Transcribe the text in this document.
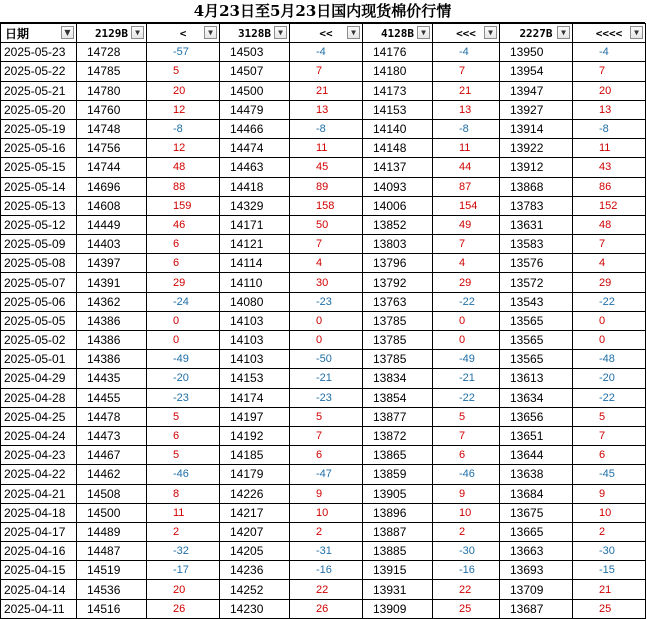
4月23日至5月23日国内现货棉价行情
日期 ▼	2129B ▼	< ▼	3128B ▼	<< ▼	4128B ▼	<<< ▼	2227B ▼	<<<< ▼

2025-05-23	14728	-57	14503	-4	14176	-4	13950	-4
2025-05-22	14785	5	14507	7	14180	7	13954	7
2025-05-21	14780	20	14500	21	14173	21	13947	20
2025-05-20	14760	12	14479	13	14153	13	13927	13
2025-05-19	14748	-8	14466	-8	14140	-8	13914	-8
2025-05-16	14756	12	14474	11	14148	11	13922	11
2025-05-15	14744	48	14463	45	14137	44	13912	43
2025-05-14	14696	88	14418	89	14093	87	13868	86
2025-05-13	14608	159	14329	158	14006	154	13783	152
2025-05-12	14449	46	14171	50	13852	49	13631	48
2025-05-09	14403	6	14121	7	13803	7	13583	7
2025-05-08	14397	6	14114	4	13796	4	13576	4
2025-05-07	14391	29	14110	30	13792	29	13572	29
2025-05-06	14362	-24	14080	-23	13763	-22	13543	-22
2025-05-05	14386	0	14103	0	13785	0	13565	0
2025-05-02	14386	0	14103	0	13785	0	13565	0
2025-05-01	14386	-49	14103	-50	13785	-49	13565	-48
2025-04-29	14435	-20	14153	-21	13834	-21	13613	-20
2025-04-28	14455	-23	14174	-23	13854	-22	13634	-22
2025-04-25	14478	5	14197	5	13877	5	13656	5
2025-04-24	14473	6	14192	7	13872	7	13651	7
2025-04-23	14467	5	14185	6	13865	6	13644	6
2025-04-22	14462	-46	14179	-47	13859	-46	13638	-45
2025-04-21	14508	8	14226	9	13905	9	13684	9
2025-04-18	14500	11	14217	10	13896	10	13675	10
2025-04-17	14489	2	14207	2	13887	2	13665	2
2025-04-16	14487	-32	14205	-31	13885	-30	13663	-30
2025-04-15	14519	-17	14236	-16	13915	-16	13693	-15
2025-04-14	14536	20	14252	22	13931	22	13709	21
2025-04-11	14516	26	14230	26	13909	25	13687	25
